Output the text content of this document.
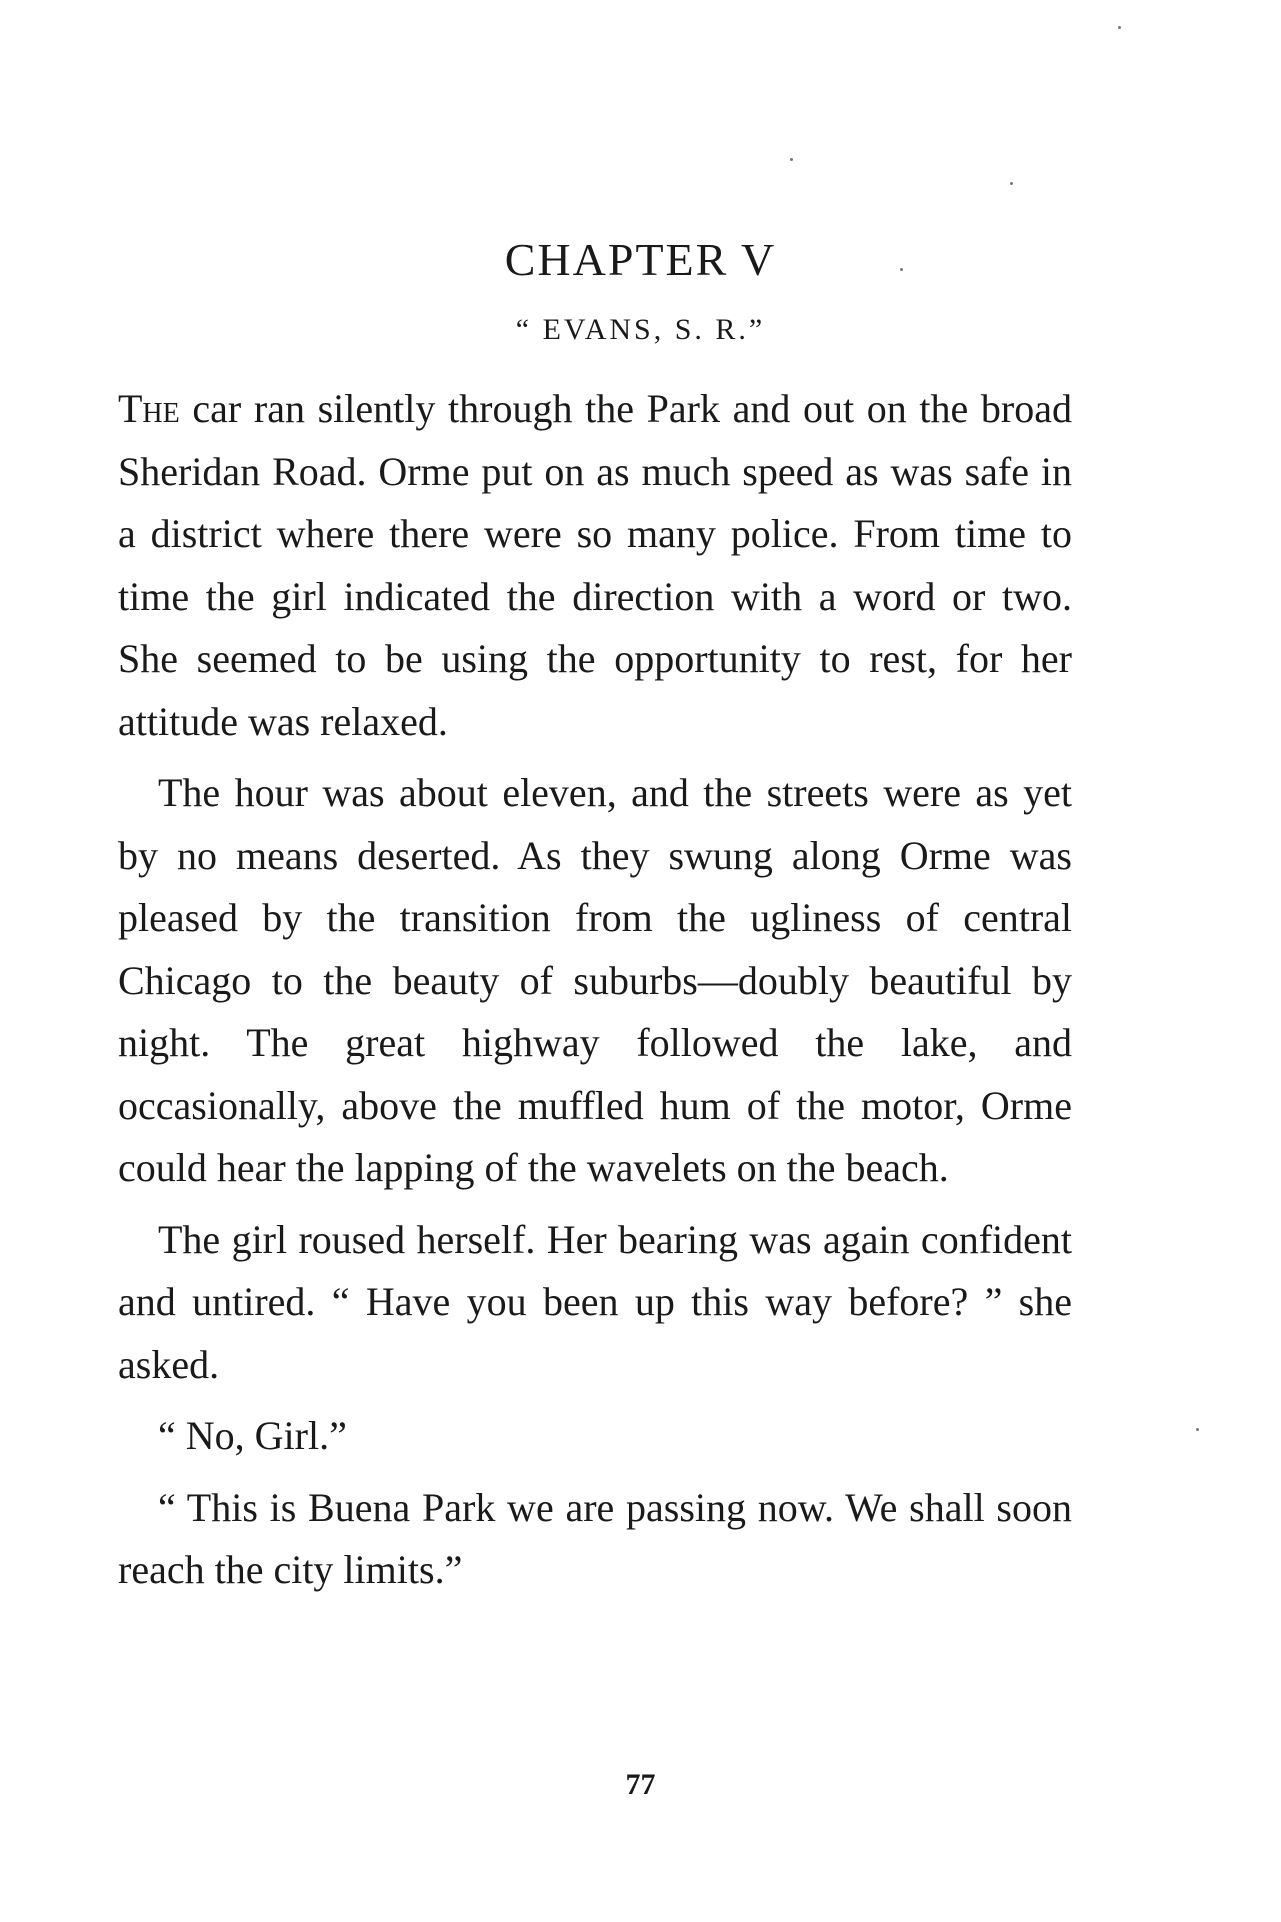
CHAPTER V
“ EVANS, S. R.”

The car ran silently through the Park and out on the broad Sheridan Road. Orme put on as much speed as was safe in a district where there were so many police. From time to time the girl indicated the direction with a word or two. She seemed to be using the opportunity to rest, for her attitude was relaxed.

The hour was about eleven, and the streets were as yet by no means deserted. As they swung along Orme was pleased by the transition from the ugliness of central Chicago to the beauty of suburbs—doubly beautiful by night. The great highway followed the lake, and occasionally, above the muffled hum of the motor, Orme could hear the lapping of the wavelets on the beach.

The girl roused herself. Her bearing was again confident and untired. “ Have you been up this way before? ” she asked.

“ No, Girl.”

“ This is Buena Park we are passing now. We shall soon reach the city limits.”

77
